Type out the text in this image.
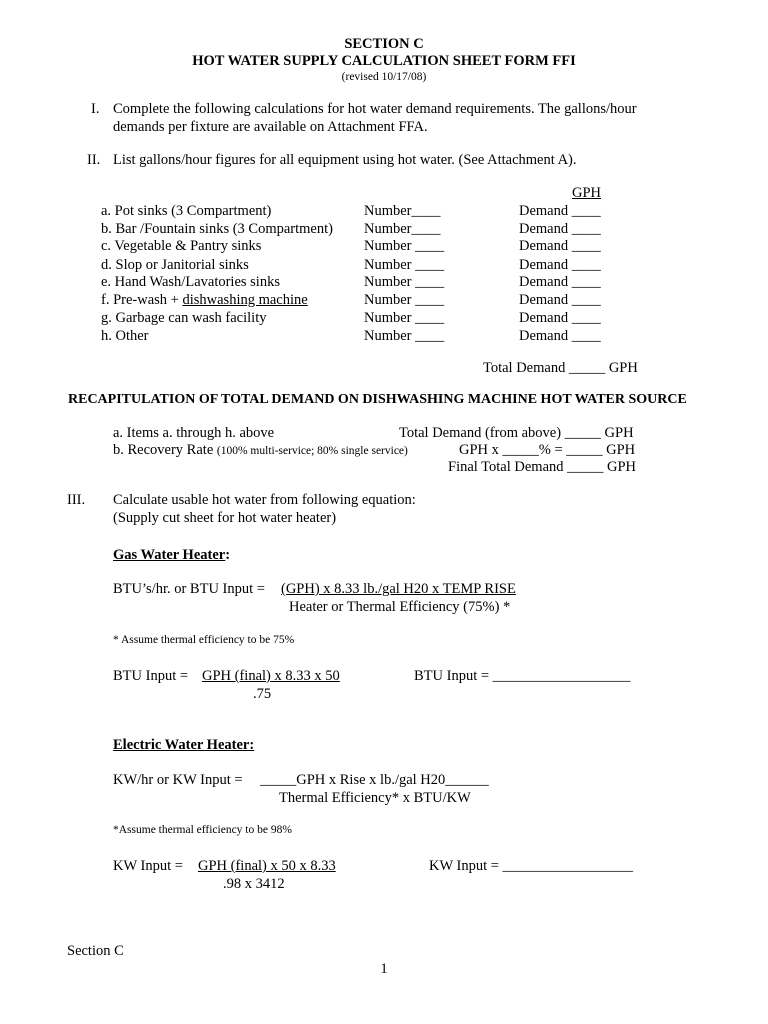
SECTION C
HOT WATER SUPPLY CALCULATION SHEET FORM FFI
(revised 10/17/08)
I. Complete the following calculations for hot water demand requirements. The gallons/hour
demands per fixture are available on Attachment FFA.
II. List gallons/hour figures for all equipment using hot water. (See Attachment A).
GPH
a. Pot sinks (3 Compartment)	Number____	Demand ____
b. Bar /Fountain sinks (3 Compartment) Number____	Demand ____
c. Vegetable & Pantry sinks	Number ____	Demand ____
d. Slop or Janitorial sinks	Number ____	Demand ____
e. Hand Wash/Lavatories sinks	Number ____	Demand ____
f. Pre-wash + dishwashing machine	Number ____	Demand ____
g. Garbage can wash facility	Number ____	Demand ____
h. Other	Number ____	Demand ____
Total Demand _____ GPH
RECAPITULATION OF TOTAL DEMAND ON DISHWASHING MACHINE HOT WATER SOURCE
a. Items a. through h. above	Total Demand (from above) _____ GPH
b. Recovery Rate (100% multi-service; 80% single service)	GPH x _____% = _____ GPH
Final Total Demand _____ GPH
III. Calculate usable hot water from following equation:
(Supply cut sheet for hot water heater)
Gas Water Heater:
BTU’s/hr. or BTU Input = (GPH) x 8.33 lb./gal H20 x TEMP RISE
Heater or Thermal Efficiency (75%) *
* Assume thermal efficiency to be 75%
BTU Input = GPH (final) x 8.33 x 50
.75
BTU Input = ___________________
Electric Water Heater:
KW/hr or KW Input = _____GPH x Rise x lb./gal H20______
Thermal Efficiency* x BTU/KW
*Assume thermal efficiency to be 98%
KW Input = GPH (final) x 50 x 8.33
.98 x 3412
KW Input = __________________
Section C
1
